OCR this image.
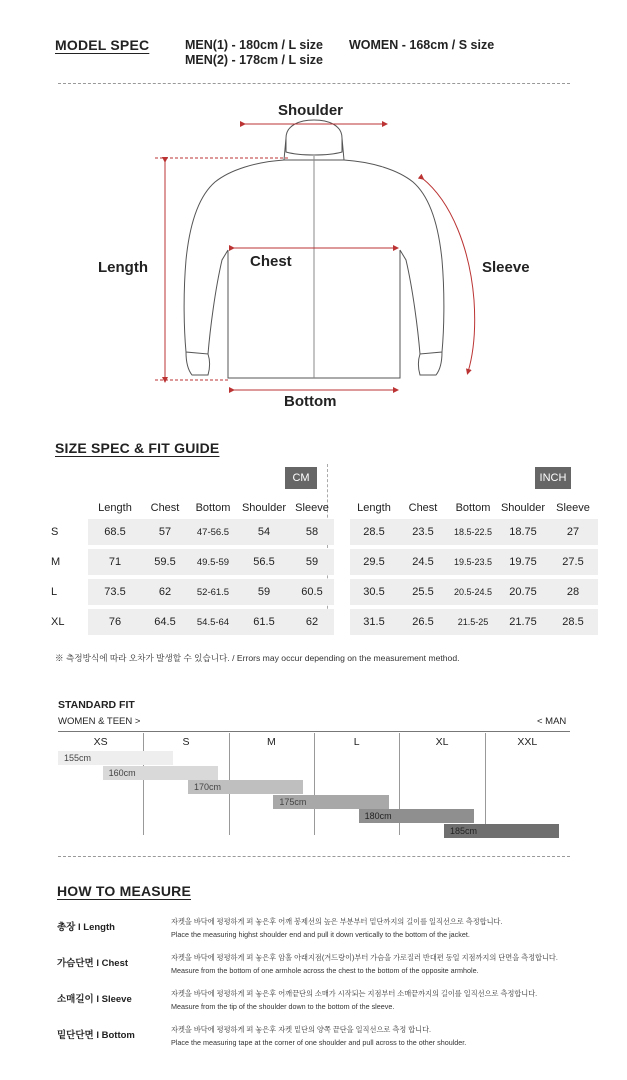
MODEL SPEC	MEN(1) - 180cm / L size
MEN(2) - 178cm / L size
WOMEN - 168cm / S size
Shoulder
Length	Chest	Sleeve
Bottom
SIZE SPEC & FIT GUIDE
CM	INCH
	Length	Chest	Bottom	Shoulder	Sleeve		Length	Chest	Bottom	Shoulder	Sleeve
S	68.5	57	47-56.5	54	58		28.5	23.5	18.5-22.5	18.75	27
M	71	59.5	49.5-59	56.5	59		29.5	24.5	19.5-23.5	19.75	27.5
L	73.5	62	52-61.5	59	60.5		30.5	25.5	20.5-24.5	20.75	28
XL	76	64.5	54.5-64	61.5	62		31.5	26.5	21.5-25	21.75	28.5
※ 측정방식에 따라 오차가 발생할 수 있습니다. / Errors may occur depending on the measurement method.
STANDARD FIT
WOMEN & TEEN >	< MAN
XS	S	M	L	XL	XXL
155cm
160cm
170cm
175cm
180cm
185cm
HOW TO MEASURE
총장 l Length
자켓을 바닥에 평평하게 펴 놓은후 어깨 봉제선의 높은 부분부터 밑단까지의 길이를 일직선으로 측정합니다.
Place the measuring highst shoulder end and pull it down vertically to the bottom of the jacket.
가슴단면 l Chest
자켓을 바닥에 평평하게 펴 놓은후 암홀 아래지점(겨드랑이)부터 가슴을 가로질러 반대편 동일 지점까지의 단면을 측정합니다.
Measure from the bottom of one armhole across the chest to the bottom of the opposite armhole.
소매길이 l Sleeve
자켓을 바닥에 평평하게 펴 놓은후 어깨끝단의 소매가 시작되는 지점부터 소매끝까지의 길이를 일직선으로 측정합니다.
Measure from the tip of the shoulder down to the bottom of the sleeve.
밑단단면 l Bottom
자켓을 바닥에 평평하게 펴 놓은후 자켓 밑단의 양쪽 끝단을 일직선으로 측정 합니다.
Place the measuring tape at the corner of one shoulder and pull across to the other shoulder.
